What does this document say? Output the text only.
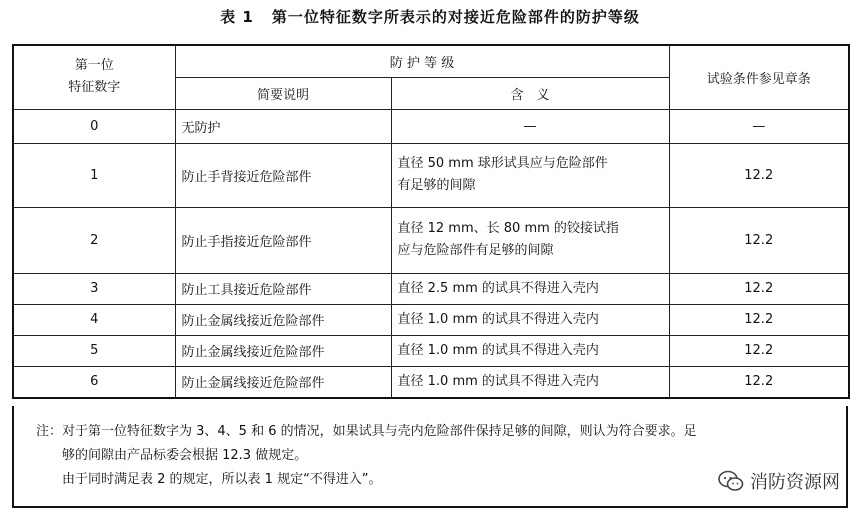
表 1 第一位特征数字所表示的对接近危险部件的防护等级
第一位
特征数字	防 护 等 级		试验条件参见章条
	简要说明	含　义	
0	无防护	—	—
1	防止手背接近危险部件	直径 50 mm 球形试具应与危险部件
有足够的间隙	12.2
2	防止手指接近危险部件	直径 12 mm、长 80 mm 的铰接试指
应与危险部件有足够的间隙	12.2
3	防止工具接近危险部件	直径 2.5 mm 的试具不得进入壳内	12.2
4	防止金属线接近危险部件	直径 1.0 mm 的试具不得进入壳内	12.2
5	防止金属线接近危险部件	直径 1.0 mm 的试具不得进入壳内	12.2
6	防止金属线接近危险部件	直径 1.0 mm 的试具不得进入壳内	12.2
注：对于第一位特征数字为 3、4、5 和 6 的情况，如果试具与壳内危险部件保持足够的间隙，则认为符合要求。足
够的间隙由产品标委会根据 12.3 做规定。
由于同时满足表 2 的规定，所以表 1 规定“不得进入”。	消防资源网
